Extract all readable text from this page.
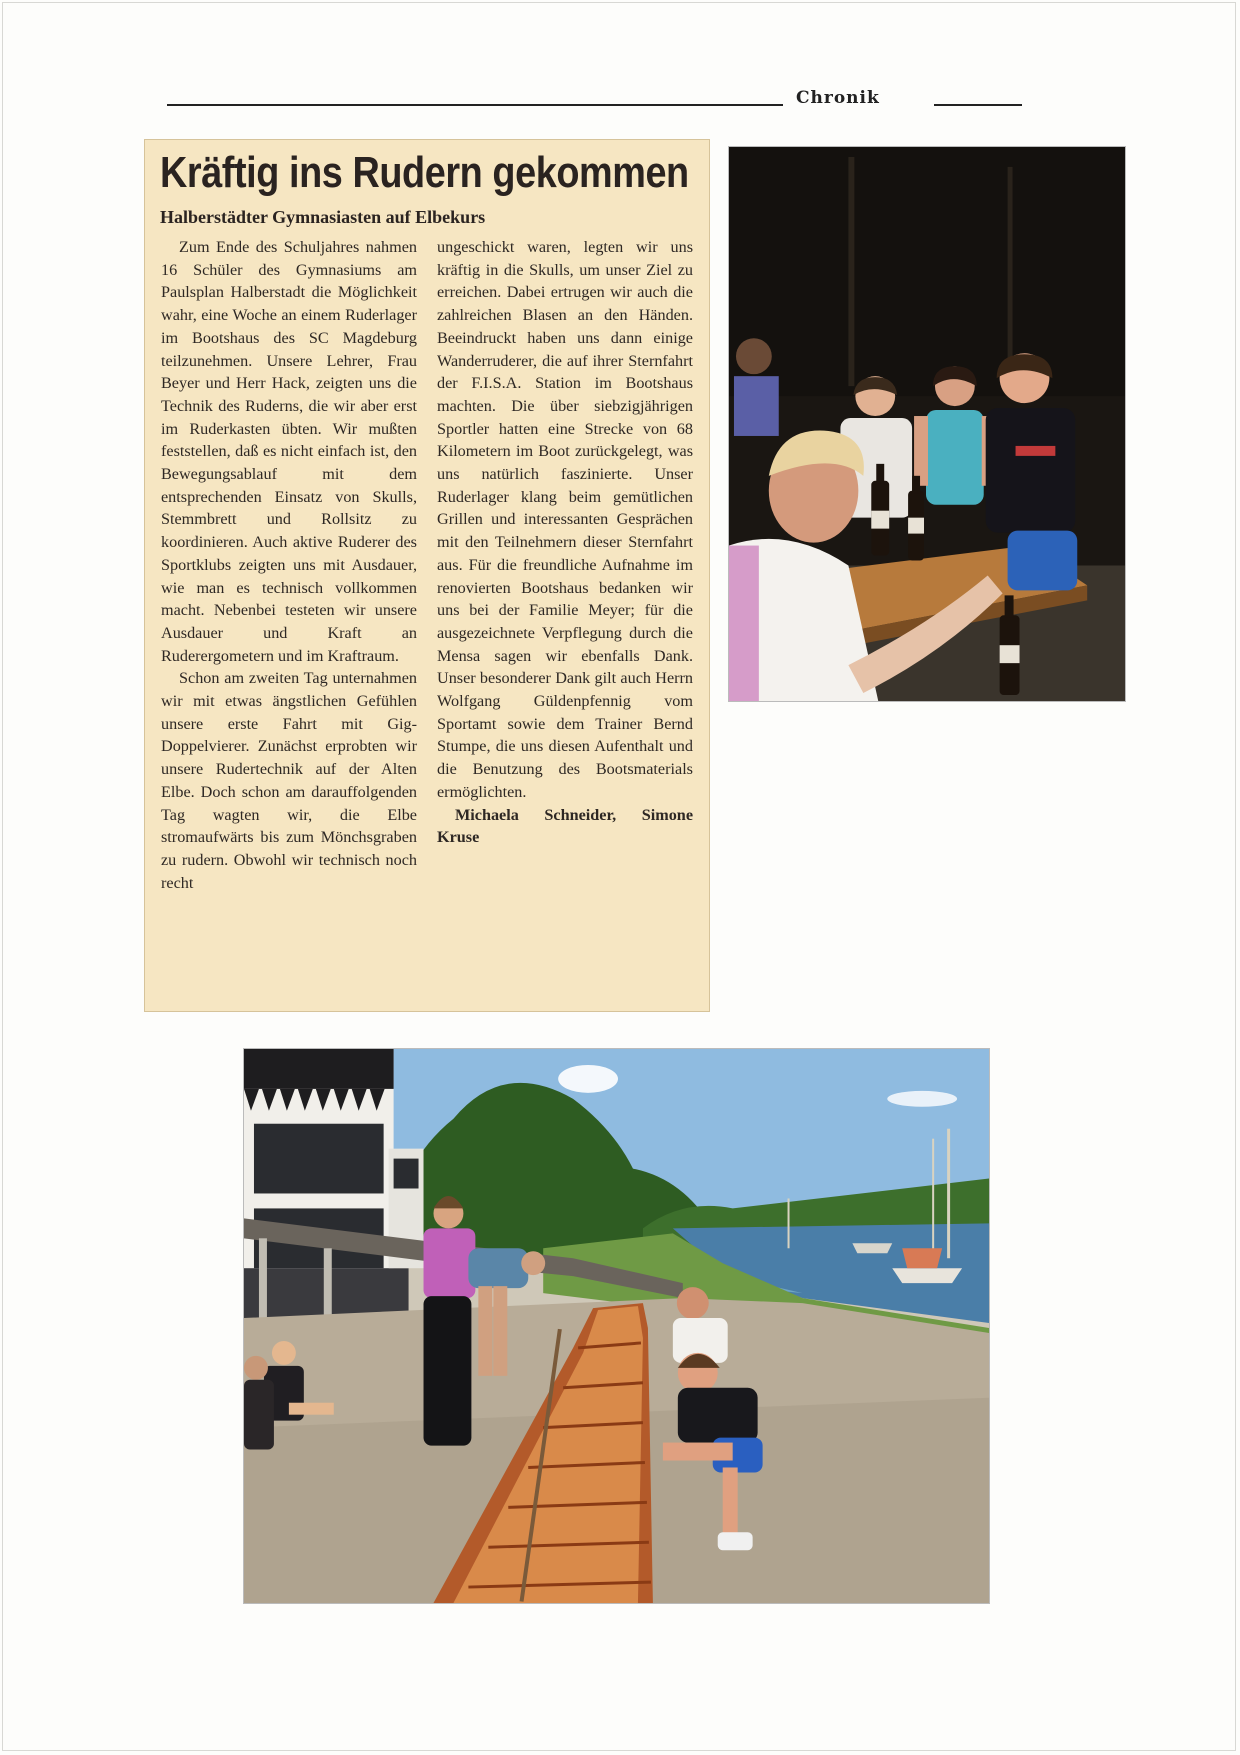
Chronik
Kräftig ins Rudern gekommen
Halberstädter Gymnasiasten auf Elbekurs

Zum Ende des Schuljahres nahmen 16 Schüler des Gymnasiums am Paulsplan Halberstadt die Möglichkeit wahr, eine Woche an einem Ruderlager im Bootshaus des SC Magdeburg teilzunehmen. Unsere Lehrer, Frau Beyer und Herr Hack, zeigten uns die Technik des Ruderns, die wir aber erst im Ruderkasten übten. Wir mußten feststellen, daß es nicht einfach ist, den Bewegungsablauf mit dem entsprechenden Einsatz von Skulls, Stemmbrett und Rollsitz zu koordinieren. Auch aktive Ruderer des Sportklubs zeigten uns mit Ausdauer, wie man es technisch vollkommen macht. Nebenbei testeten wir unsere Ausdauer und Kraft an Ruderergometern und im Kraftraum.

Schon am zweiten Tag unternahmen wir mit etwas ängstlichen Gefühlen unsere erste Fahrt mit Gig-Doppelvierer. Zunächst erprobten wir unsere Rudertechnik auf der Alten Elbe. Doch schon am darauffolgenden Tag wagten wir, die Elbe stromaufwärts bis zum Mönchsgraben zu rudern. Obwohl wir technisch noch recht

ungeschickt waren, legten wir uns kräftig in die Skulls, um unser Ziel zu erreichen. Dabei ertrugen wir auch die zahlreichen Blasen an den Händen. Beeindruckt haben uns dann einige Wanderruderer, die auf ihrer Sternfahrt der F.I.S.A. Station im Bootshaus machten. Die über siebzigjährigen Sportler hatten eine Strecke von 68 Kilometern im Boot zurückgelegt, was uns natürlich faszinierte. Unser Ruderlager klang beim gemütlichen Grillen und interessanten Gesprächen mit den Teilnehmern dieser Sternfahrt aus. Für die freundliche Aufnahme im renovierten Bootshaus bedanken wir uns bei der Familie Meyer; für die ausgezeichnete Verpflegung durch die Mensa sagen wir ebenfalls Dank. Unser besonderer Dank gilt auch Herrn Wolfgang Güldenpfennig vom Sportamt sowie dem Trainer Bernd Stumpe, die uns diesen Aufenthalt und die Benutzung des Bootsmaterials ermöglichten.

Michaela Schneider, Simone Kruse
